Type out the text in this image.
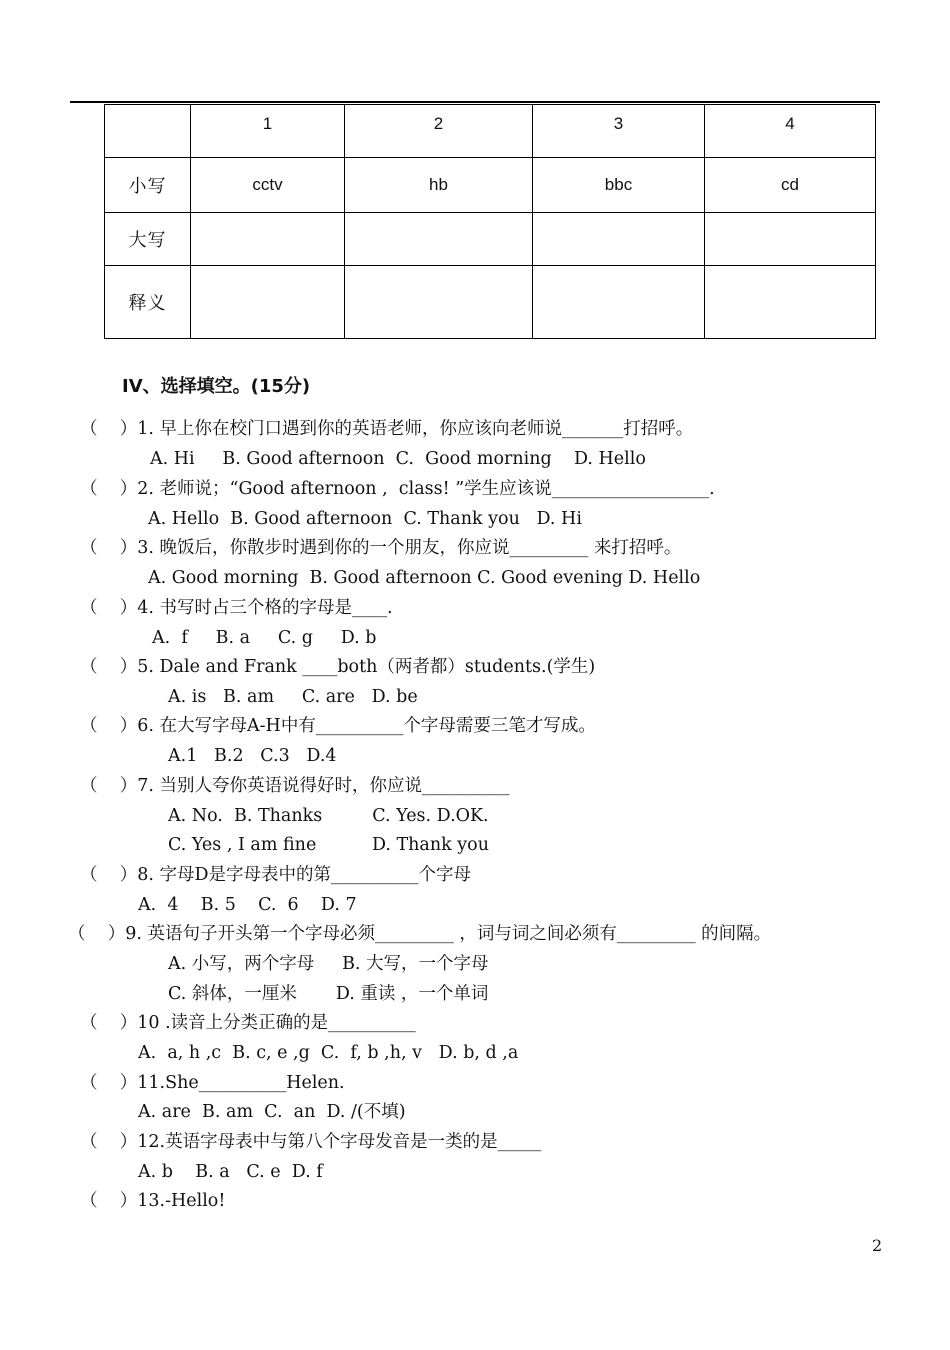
	1	2	3	4
小写	cctv	hb	bbc	cd
大写				
释义				
IV、选择填空。(15分)
（    ）1. 早上你在校门口遇到你的英语老师，你应该向老师说_______打招呼。
A. Hi     B. Good afternoon  C.  Good morning    D. Hello
（    ）2. 老师说；“Good afternoon ,  class! ”学生应该说__________________.
A. Hello  B. Good afternoon  C. Thank you   D. Hi
（    ）3. 晚饭后，你散步时遇到你的一个朋友，你应说_________ 来打招呼。
A. Good morning  B. Good afternoon C. Good evening D. Hello
（    ）4. 书写时占三个格的字母是____.
A.  f     B. a     C. g     D. b
（    ）5. Dale and Frank ____both（两者都）students.(学生)
A. is   B. am     C. are   D. be
（    ）6. 在大写字母A-H中有__________个字母需要三笔才写成。
A.1   B.2   C.3   D.4
（    ）7. 当别人夸你英语说得好时，你应说__________
A. No.  B. Thanks         C. Yes. D.OK.
C. Yes , I am fine          D. Thank you
（    ）8. 字母D是字母表中的第__________个字母
A.  4    B. 5    C.  6    D. 7
（    ）9. 英语句子开头第一个字母必须_________ ，词与词之间必须有_________ 的间隔。
A. 小写，两个字母     B. 大写，一个字母
C. 斜体，一厘米       D. 重读 ，一个单词
（    ）10 .读音上分类正确的是__________
A.  a, h ,c  B. c, e ,g  C.  f, b ,h, v   D. b, d ,a
（    ）11.She__________Helen.
A. are  B. am  C.  an  D. /(不填)
（    ）12.英语字母表中与第八个字母发音是一类的是_____
A. b    B. a   C. e  D. f
（    ）13.-Hello!
2
